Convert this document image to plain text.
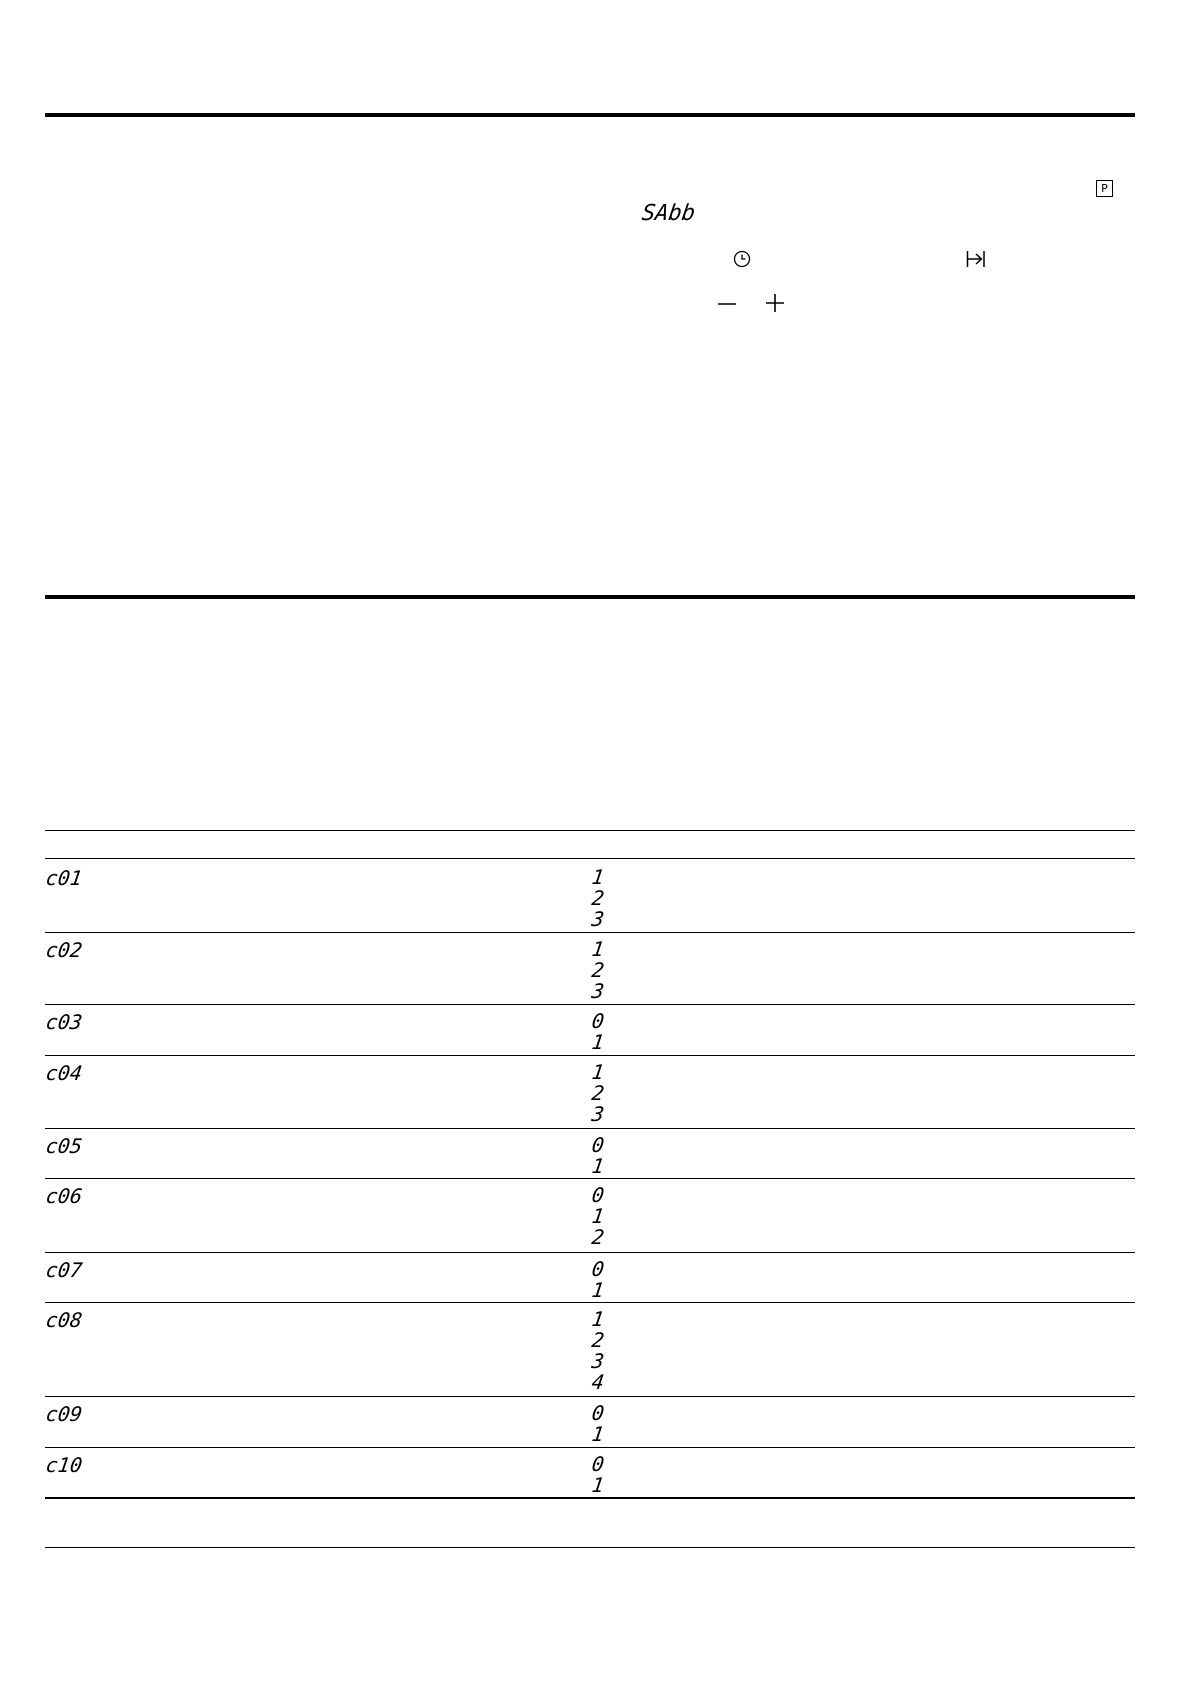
P
SAbb
c01	1

2
3
c02	1
2
3
c03	0
1
c04	1
2
3
c05	0
1
c06	0
1
2
c07	0
1
c08	1
2
3
4
c09	0
1
c10	0
1
